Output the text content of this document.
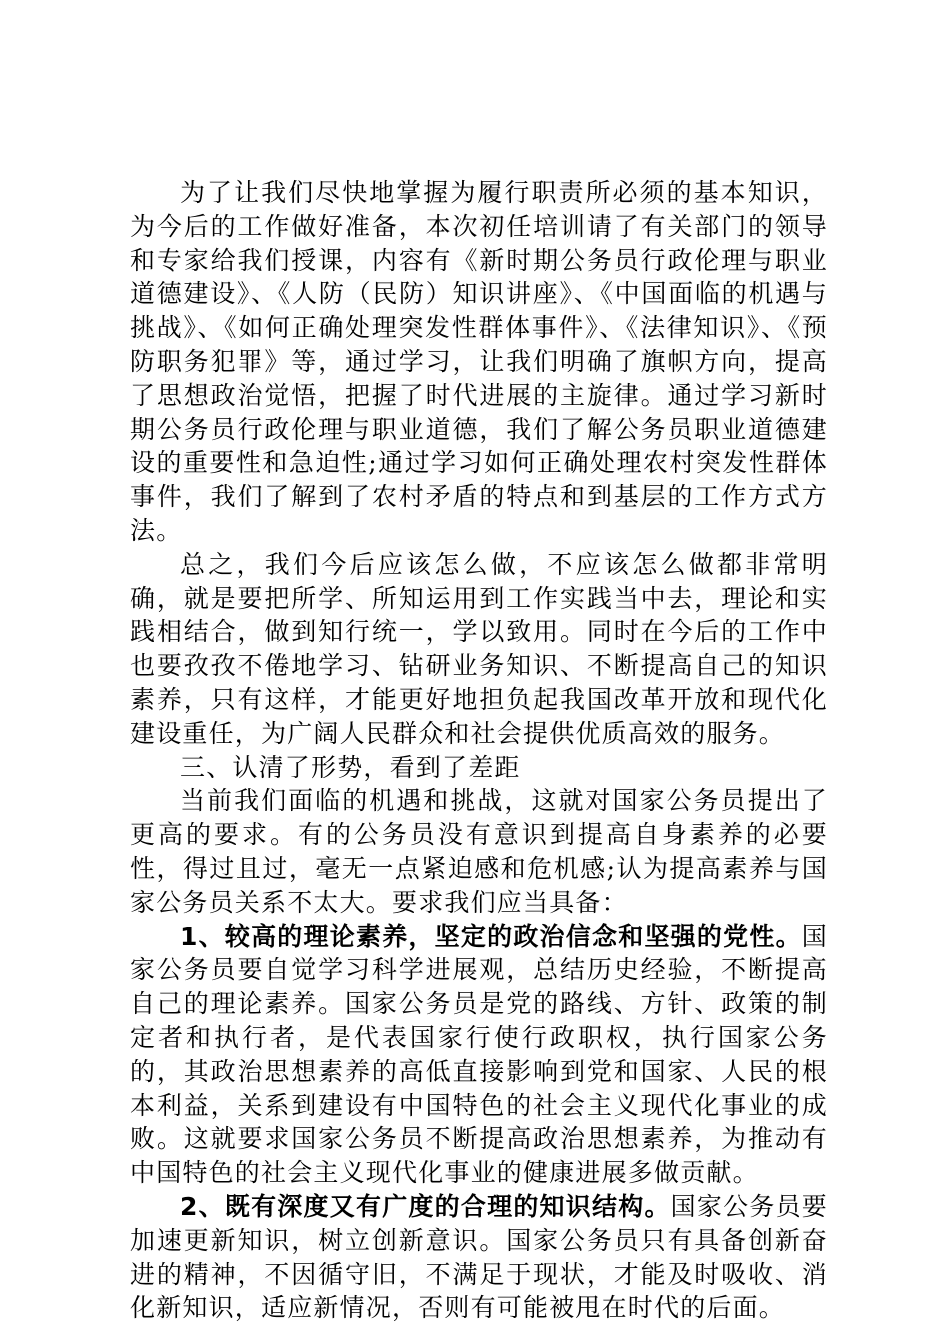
为了让我们尽快地掌握为履行职责所必须的基本知识，为今后的工作做好准备，本次初任培训请了有关部门的领导和专家给我们授课，内容有《新时期公务员行政伦理与职业道德建设》、《人防（民防）知识讲座》、《中国面临的机遇与挑战》、《如何正确处理突发性群体事件》、《法律知识》、《预防职务犯罪》等，通过学习，让我们明确了旗帜方向，提高了思想政治觉悟，把握了时代进展的主旋律。通过学习新时期公务员行政伦理与职业道德，我们了解公务员职业道德建设的重要性和急迫性;通过学习如何正确处理农村突发性群体事件，我们了解到了农村矛盾的特点和到基层的工作方式方法。

总之，我们今后应该怎么做，不应该怎么做都非常明确，就是要把所学、所知运用到工作实践当中去，理论和实践相结合，做到知行统一，学以致用。同时在今后的工作中也要孜孜不倦地学习、钻研业务知识、不断提高自己的知识素养，只有这样，才能更好地担负起我国改革开放和现代化建设重任，为广阔人民群众和社会提供优质高效的服务。

三、认清了形势，看到了差距

当前我们面临的机遇和挑战，这就对国家公务员提出了更高的要求。有的公务员没有意识到提高自身素养的必要性，得过且过，毫无一点紧迫感和危机感;认为提高素养与国家公务员关系不太大。要求我们应当具备：

1、较高的理论素养，坚定的政治信念和坚强的党性。国家公务员要自觉学习科学进展观，总结历史经验，不断提高自己的理论素养。国家公务员是党的路线、方针、政策的制定者和执行者，是代表国家行使行政职权，执行国家公务的，其政治思想素养的高低直接影响到党和国家、人民的根本利益，关系到建设有中国特色的社会主义现代化事业的成败。这就要求国家公务员不断提高政治思想素养，为推动有中国特色的社会主义现代化事业的健康进展多做贡献。

2、既有深度又有广度的合理的知识结构。国家公务员要加速更新知识，树立创新意识。国家公务员只有具备创新奋进的精神，不因循守旧，不满足于现状，才能及时吸收、消化新知识，适应新情况，否则有可能被甩在时代的后面。
